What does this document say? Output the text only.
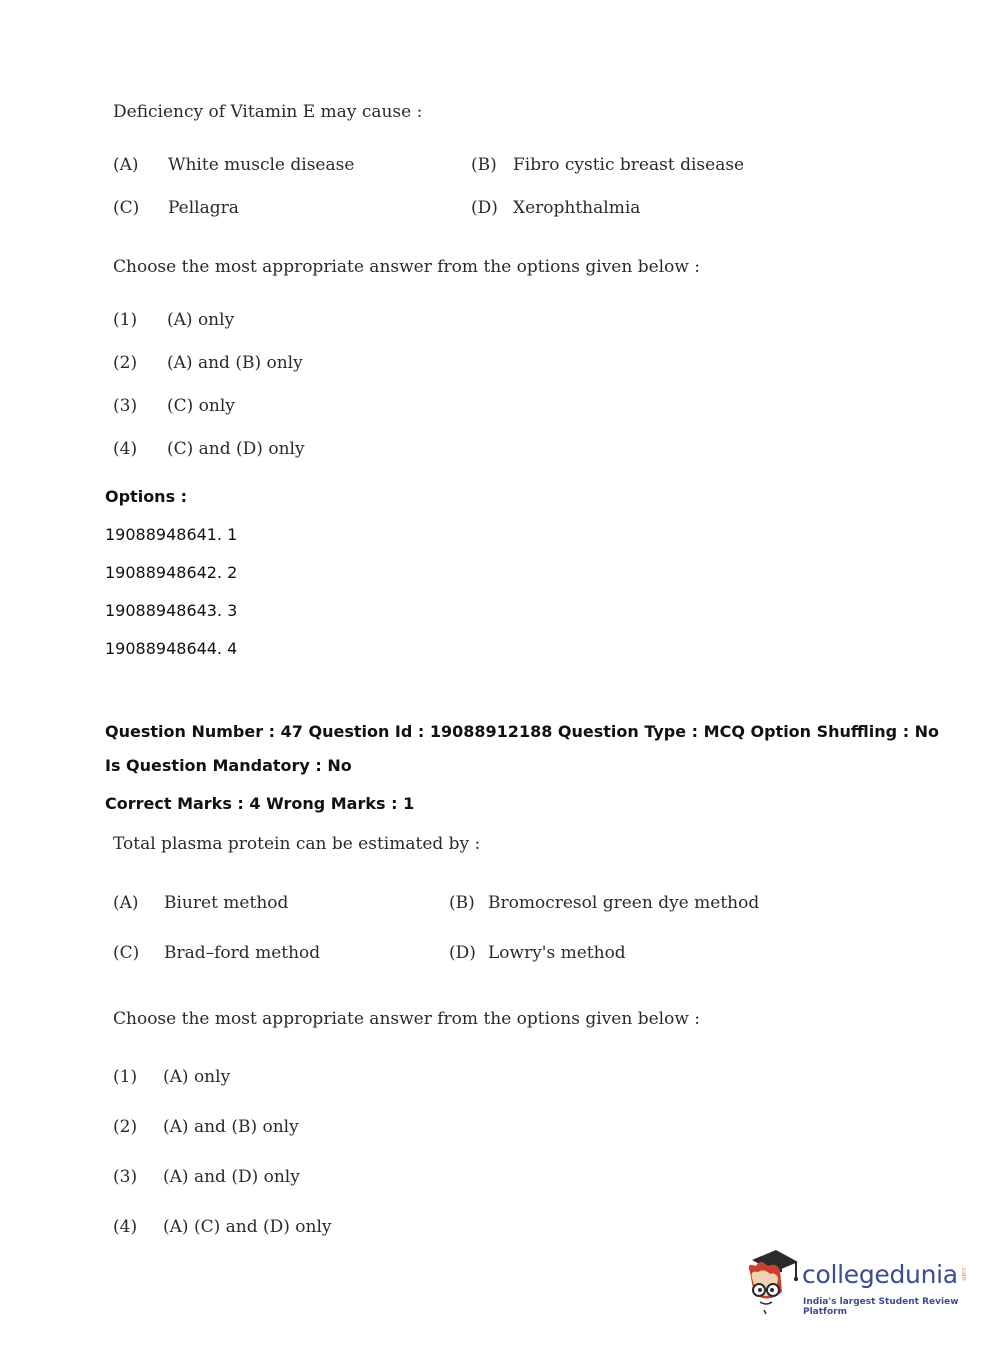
Deficiency of Vitamin E may cause :
(A) White muscle disease	(B) Fibro cystic breast disease
(C) Pellagra	(D) Xerophthalmia
Choose the most appropriate answer from the options given below :
(1) (A) only
(2) (A) and (B) only
(3) (C) only
(4) (C) and (D) only
Options :
19088948641. 1
19088948642. 2
19088948643. 3
19088948644. 4
Question Number : 47 Question Id : 19088912188 Question Type : MCQ Option Shuffling : No
Is Question Mandatory : No
Correct Marks : 4 Wrong Marks : 1
Total plasma protein can be estimated by :
(A) Biuret method	(B) Bromocresol green dye method
(C) Brad–ford method	(D) Lowry's method
Choose the most appropriate answer from the options given below :
(1) (A) only
(2) (A) and (B) only
(3) (A) and (D) only
(4) (A) (C) and (D) only
collegedunia .com
India's largest Student Review Platform
